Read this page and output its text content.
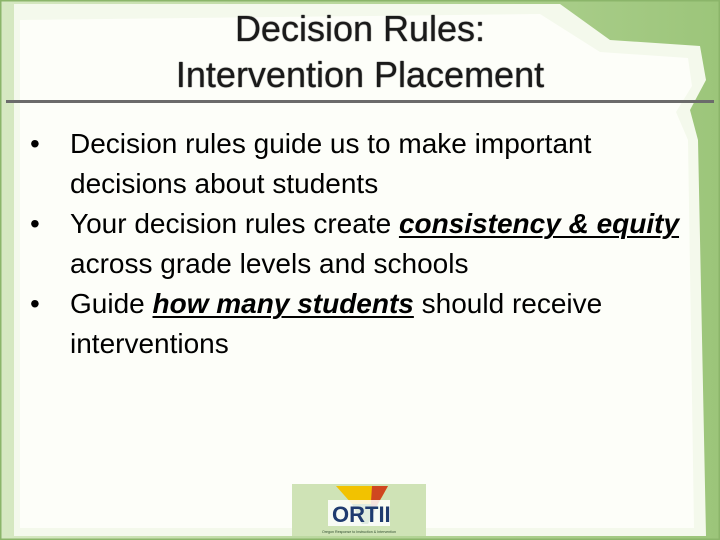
Decision Rules:
Intervention Placement
•	Decision rules guide us to make important decisions about students
•	Your decision rules create consistency & equity across grade levels and schools
•	Guide how many students should receive interventions
ORTII
Oregon Response to Instruction & Intervention
